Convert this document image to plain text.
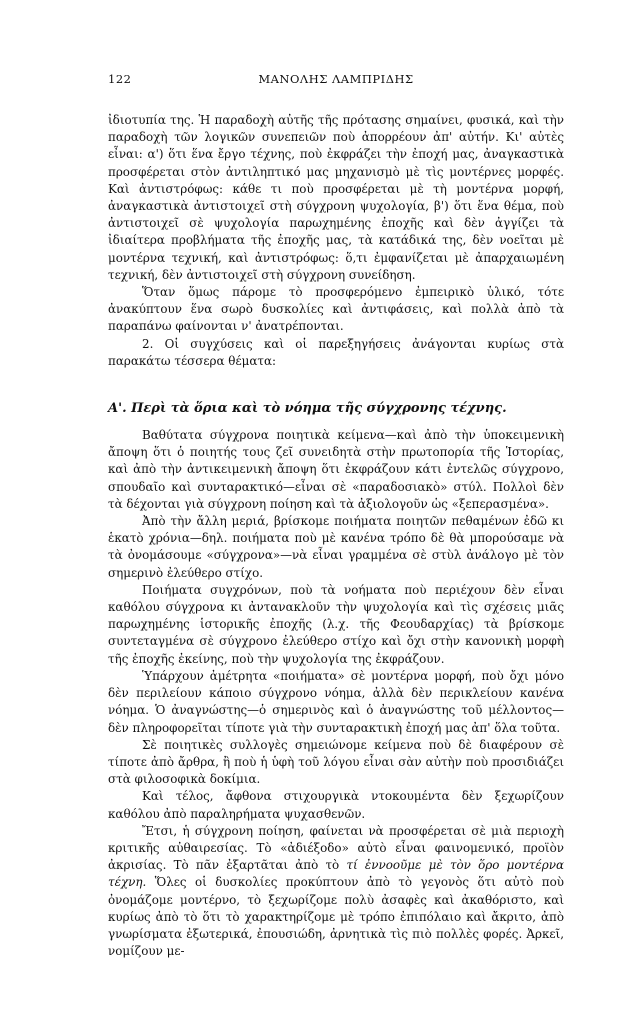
122	ΜΑΝΟΛΗΣ ΛΑΜΠΡΙΔΗΣ

ἰδιοτυπία της. Ἡ παραδοχὴ αὐτῆς τῆς πρότασης σημαίνει, φυσικά, καὶ τὴν παραδοχὴ τῶν λογικῶν συνεπειῶν ποὺ ἀπορρέουν ἀπ' αὐτήν. Κι' αὐτὲς εἶναι: α') ὅτι ἕνα ἔργο τέχνης, ποὺ ἐκφράζει τὴν ἐποχή μας, ἀναγκαστικὰ προσφέρεται στὸν ἀντιληπτικό μας μηχανισμὸ μὲ τὶς μοντέρνες μορφές. Καὶ ἀντιστρόφως: κάθε τι ποὺ προσφέρεται μὲ τὴ μοντέρνα μορφή, ἀναγκαστικὰ ἀντιστοιχεῖ στὴ σύγχρονη ψυχολογία, β') ὅτι ἕνα θέμα, ποὺ ἀντιστοιχεῖ σὲ ψυχολογία παρωχημένης ἐποχῆς καὶ δὲν ἀγγίζει τὰ ἰδιαίτερα προβλήματα τῆς ἐποχῆς μας, τὰ κατάδικά της, δὲν νοεῖται μὲ μοντέρνα τεχνική, καὶ ἀντιστρόφως: ὅ,τι ἐμφανίζεται μὲ ἀπαρχαιωμένη τεχνική, δὲν ἀντιστοιχεῖ στὴ σύγχρονη συνείδηση.

Ὅταν ὅμως πάρομε τὸ προσφερόμενο ἐμπειρικὸ ὑλικό, τότε ἀνακύπτουν ἕνα σωρὸ δυσκολίες καὶ ἀντιφάσεις, καὶ πολλὰ ἀπὸ τὰ παραπάνω φαίνονται ν' ἀνατρέπονται.

2. Οἱ συγχύσεις καὶ οἱ παρεξηγήσεις ἀνάγονται κυρίως στὰ παρακάτω τέσσερα θέματα:

Α'. Περὶ τὰ ὅρια καὶ τὸ νόημα τῆς σύγχρονης τέχνης.

Βαθύτατα σύγχρονα ποιητικὰ κείμενα—καὶ ἀπὸ τὴν ὑποκειμενικὴ ἄποψη ὅτι ὁ ποιητής τους ζεῖ συνειδητὰ στὴν πρωτοπορία τῆς Ἱστορίας, καὶ ἀπὸ τὴν ἀντικειμενικὴ ἄποψη ὅτι ἐκφράζουν κάτι ἐντελῶς σύγχρονο, σπουδαῖο καὶ συνταρακτικό—εἶναι σὲ «παραδοσιακὸ» στύλ. Πολλοὶ δὲν τὰ δέχονται γιὰ σύγχρονη ποίηση καὶ τὰ ἀξιολογοῦν ὡς «ξεπερασμένα».

Ἀπὸ τὴν ἄλλη μεριά, βρίσκομε ποιήματα ποιητῶν πεθαμένων ἐδῶ κι ἑκατὸ χρόνια—δηλ. ποιήματα ποὺ μὲ κανένα τρόπο δὲ θὰ μπορούσαμε νὰ τὰ ὀνομάσουμε «σύγχρονα»—νὰ εἶναι γραμμένα σὲ στὺλ ἀνάλογο μὲ τὸν σημερινὸ ἐλεύθερο στίχο.

Ποιήματα συγχρόνων, ποὺ τὰ νοήματα ποὺ περιέχουν δὲν εἶναι καθόλου σύγχρονα κι ἀντανακλοῦν τὴν ψυχολογία καὶ τὶς σχέσεις μιᾶς παρωχημένης ἱστορικῆς ἐποχῆς (λ.χ. τῆς Φεουδαρχίας) τὰ βρίσκομε συντεταγμένα σὲ σύγχρονο ἐλεύθερο στίχο καὶ ὄχι στὴν κανονικὴ μορφὴ τῆς ἐποχῆς ἐκείνης, ποὺ τὴν ψυχολογία της ἐκφράζουν.

Ὑπάρχουν ἀμέτρητα «ποιήματα» σὲ μοντέρνα μορφή, ποὺ ὄχι μόνο δὲν περιλείουν κάποιο σύγχρονο νόημα, ἀλλὰ δὲν περικλείουν κανένα νόημα. Ὁ ἀναγνώστης—ὁ σημερινὸς καὶ ὁ ἀναγνώστης τοῦ μέλλοντος—δὲν πληροφορεῖται τίποτε γιὰ τὴν συνταρακτικὴ ἐποχή μας ἀπ' ὅλα τοῦτα.

Σὲ ποιητικὲς συλλογὲς σημειώνομε κείμενα ποὺ δὲ διαφέρουν σὲ τίποτε ἀπὸ ἄρθρα, ἢ ποὺ ἡ ὑφὴ τοῦ λόγου εἶναι σὰν αὐτὴν ποὺ προσιδιάζει στὰ φιλοσοφικὰ δοκίμια.

Καὶ τέλος, ἄφθονα στιχουργικὰ ντοκουμέντα δὲν ξεχωρίζουν καθόλου ἀπὸ παραληρήματα ψυχασθενῶν.

Ἔτσι, ἡ σύγχρονη ποίηση, φαίνεται νὰ προσφέρεται σὲ μιὰ περιοχὴ κριτικῆς αὐθαιρεσίας. Τὸ «ἀδιέξοδο» αὐτὸ εἶναι φαινομενικό, προϊὸν ἀκρισίας. Τὸ πᾶν ἐξαρτᾶται ἀπὸ τὸ τί ἐννοοῦμε μὲ τὸν ὅρο μοντέρνα τέχνη. Ὅλες οἱ δυσκολίες προκύπτουν ἀπὸ τὸ γεγονὸς ὅτι αὐτὸ ποὺ ὀνομάζομε μοντέρνο, τὸ ξεχωρίζομε πολὺ ἀσαφὲς καὶ ἀκαθόριστο, καὶ κυρίως ἀπὸ τὸ ὅτι τὸ χαρακτηρίζομε μὲ τρόπο ἐπιπόλαιο καὶ ἄκριτο, ἀπὸ γνωρίσματα ἐξωτερικά, ἐπουσιώδη, ἀρνητικὰ τὶς πιὸ πολλὲς φορές. Ἀρκεῖ, νομίζουν με-
